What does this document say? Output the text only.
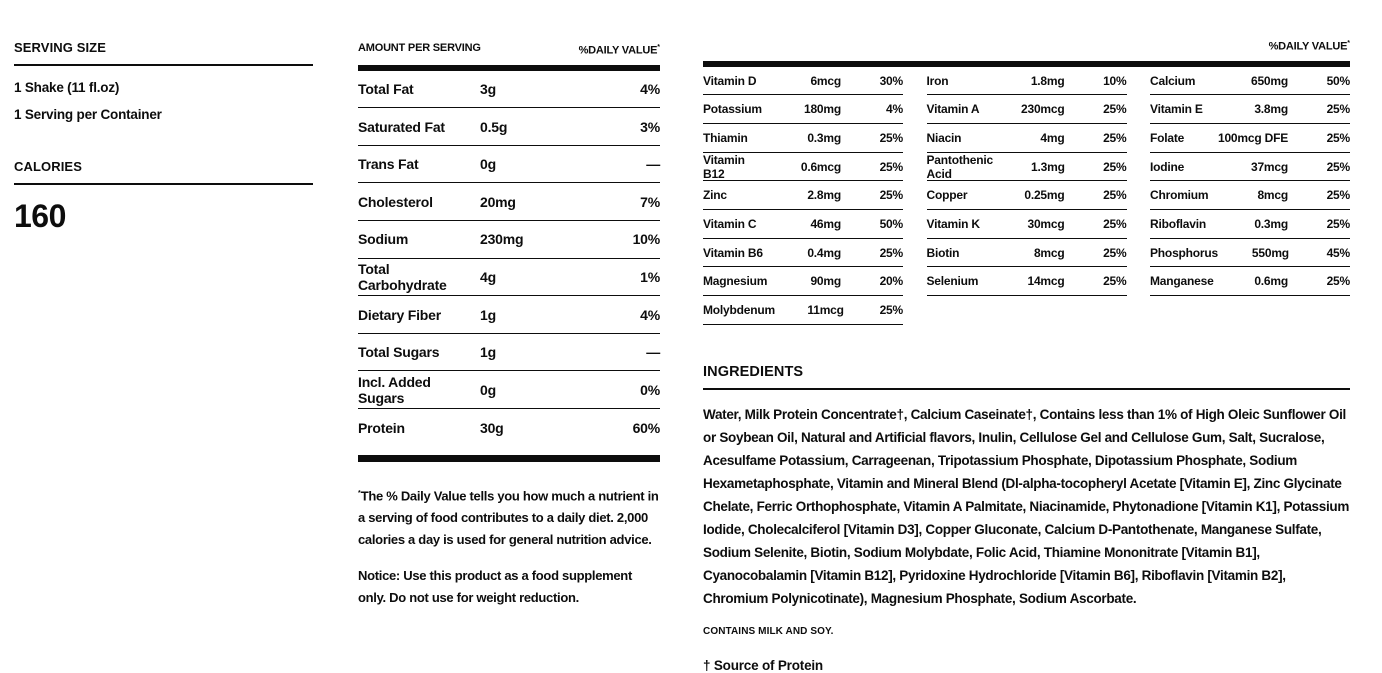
SERVING SIZE
1 Shake (11 fl.oz)
1 Serving per Container
CALORIES
160
AMOUNT PER SERVING	%DAILY VALUE*
Total Fat	3g	4%
Saturated Fat	0.5g	3%
Trans Fat	0g	—
Cholesterol	20mg	7%
Sodium	230mg	10%
Total Carbohydrate	4g	1%
Dietary Fiber	1g	4%
Total Sugars	1g	—
Incl. Added Sugars	0g	0%
Protein	30g	60%

*The % Daily Value tells you how much a nutrient in a serving of food contributes to a daily diet. 2,000 calories a day is used for general nutrition advice.

Notice: Use this product as a food supplement only. Do not use for weight reduction.

%DAILY VALUE*
Vitamin D	6mcg	30%
Potassium	180mg	4%
Thiamin	0.3mg	25%
Vitamin B12	0.6mcg	25%
Zinc	2.8mg	25%
Vitamin C	46mg	50%
Vitamin B6	0.4mg	25%
Magnesium	90mg	20%
Molybdenum	11mcg	25%
Iron	1.8mg	10%
Vitamin A	230mcg	25%
Niacin	4mg	25%
Pantothenic Acid	1.3mg	25%
Copper	0.25mg	25%
Vitamin K	30mcg	25%
Biotin	8mcg	25%
Selenium	14mcg	25%
Calcium	650mg	50%
Vitamin E	3.8mg	25%
Folate	100mcg DFE	25%
Iodine	37mcg	25%
Chromium	8mcg	25%
Riboflavin	0.3mg	25%
Phosphorus	550mg	45%
Manganese	0.6mg	25%
INGREDIENTS

Water, Milk Protein Concentrate†, Calcium Caseinate†, Contains less than 1% of High Oleic Sunflower Oil or Soybean Oil, Natural and Artificial flavors, Inulin, Cellulose Gel and Cellulose Gum, Salt, Sucralose, Acesulfame Potassium, Carrageenan, Tripotassium Phosphate, Dipotassium Phosphate, Sodium Hexametaphosphate, Vitamin and Mineral Blend (Dl-alpha-tocopheryl Acetate [Vitamin E], Zinc Glycinate Chelate, Ferric Orthophosphate, Vitamin A Palmitate, Niacinamide, Phytonadione [Vitamin K1], Potassium Iodide, Cholecalciferol [Vitamin D3], Copper Gluconate, Calcium D-Pantothenate, Manganese Sulfate, Sodium Selenite, Biotin, Sodium Molybdate, Folic Acid, Thiamine Mononitrate [Vitamin B1], Cyanocobalamin [Vitamin B12], Pyridoxine Hydrochloride [Vitamin B6], Riboflavin [Vitamin B2], Chromium Polynicotinate), Magnesium Phosphate, Sodium Ascorbate.

CONTAINS MILK AND SOY.
† Source of Protein
